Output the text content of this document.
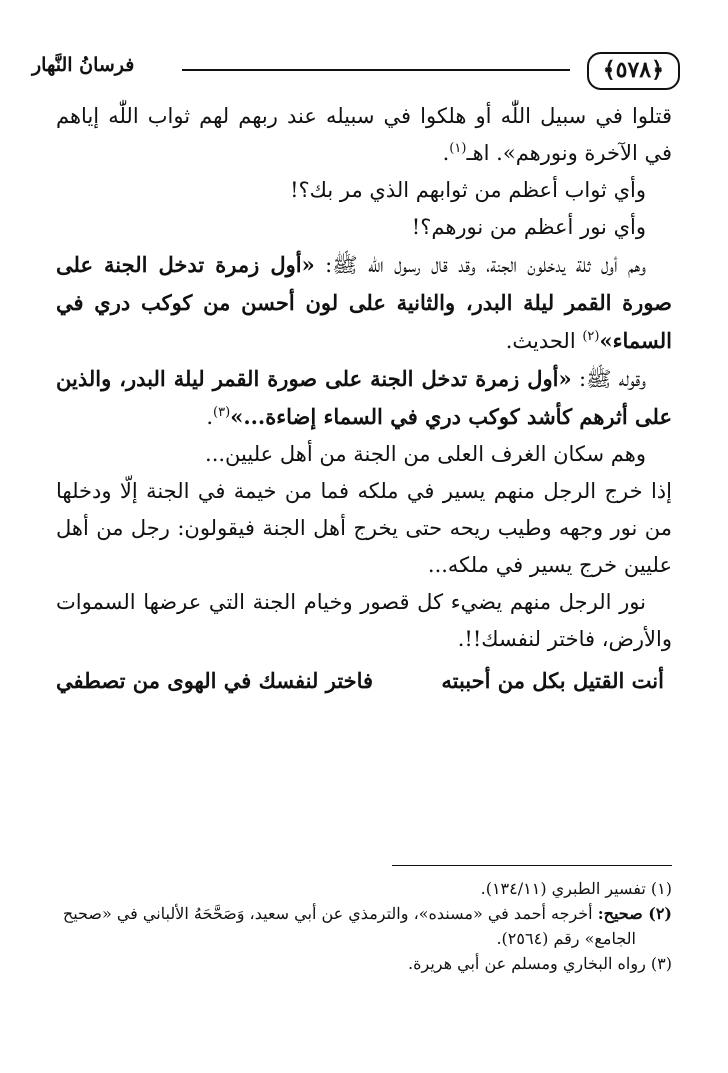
﴿٥٧٨﴾
فرسانُ النَّهار

قتلوا في سبيل اللّٰه أو هلكوا في سبيله عند ربهم لهم ثواب اللّٰه إياهم في الآخرة ونورهم». اهـ$^{(١)}$.

وأي ثواب أعظم من ثوابهم الذي مر بك؟!

وأي نور أعظم من نورهم؟!

وهم أول ثلة يدخلون الجنة، وقد قال رسول اللّٰه ﷺ: «أول زمرة تدخل الجنة على صورة القمر ليلة البدر، والثانية على لون أحسن من كوكب دري في السماء»$^{(٢)}$ الحديث.

وقوله ﷺ: «أول زمرة تدخل الجنة على صورة القمر ليلة البدر، والذين على أثرهم كأشد كوكب دري في السماء إضاءة...»$^{(٣)}$.

وهم سكان الغرف العلى من الجنة من أهل عليين...

إذا خرج الرجل منهم يسير في ملكه فما من خيمة في الجنة إلّا ودخلها من نور وجهه وطيب ريحه حتى يخرج أهل الجنة فيقولون: رجل من أهل عليين خرج يسير في ملكه...

نور الرجل منهم يضيء كل قصور وخيام الجنة التي عرضها السموات والأرض، فاختر لنفسك!!.

أنت القتيل بكل من أحببته
فاختر لنفسك في الهوى من تصطفي

(١) تفسير الطبري (١٣٤/١١).

(٢) صحيح: أخرجه أحمد في «مسنده»، والترمذي عن أبي سعيد، وَصَحَّحَهُ الألباني في «صحيح

الجامع» رقم (٢٥٦٤).

(٣) رواه البخاري ومسلم عن أبي هريرة.
